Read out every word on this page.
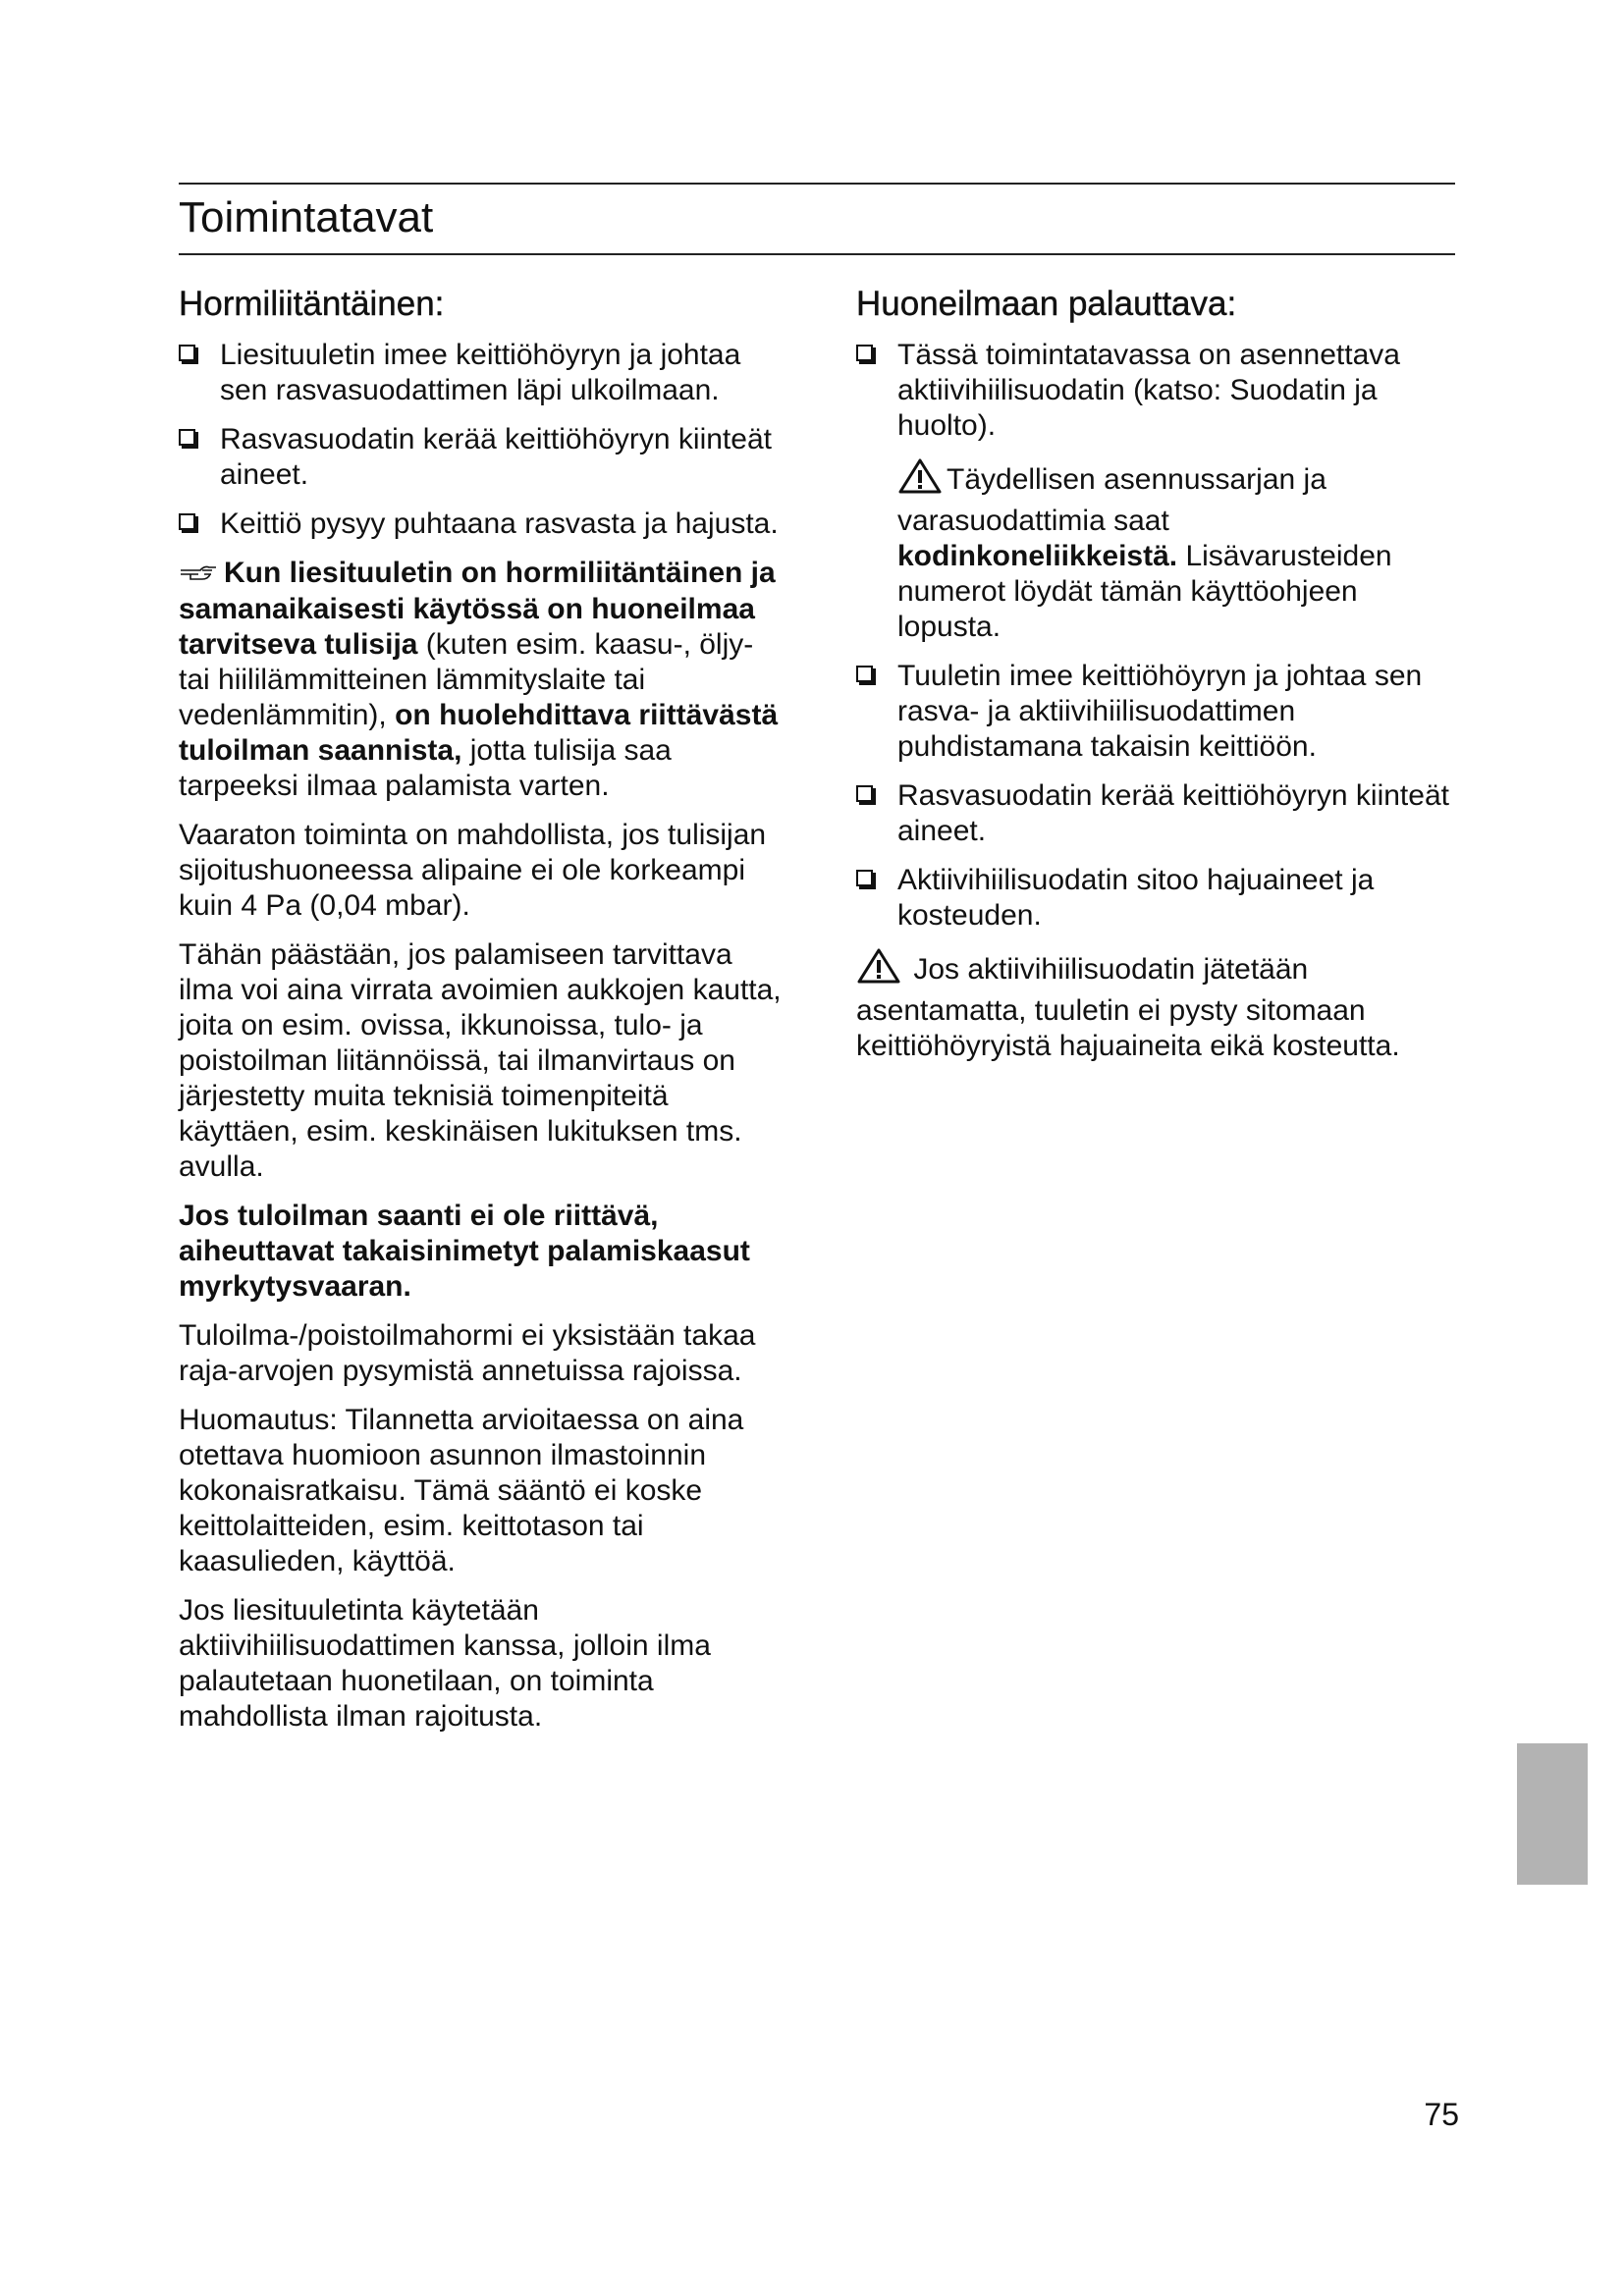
Toimintatavat
Hormiliitäntäinen:
Liesituuletin imee keittiöhöyryn ja johtaa sen rasvasuodattimen läpi ulkoilmaan.
Rasvasuodatin kerää keittiöhöyryn kiinteät aineet.
Keittiö pysyy puhtaana rasvasta ja hajusta.

Kun liesituuletin on hormiliitäntäinen ja samanaikaisesti käytössä on huoneilmaa tarvitseva tulisija (kuten esim. kaasu-, öljy- tai hiililämmitteinen lämmityslaite tai vedenlämmitin), on huolehdittava riittävästä tuloilman saannista, jotta tulisija saa tarpeeksi ilmaa palamista varten.

Vaaraton toiminta on mahdollista, jos tulisijan sijoitushuoneessa alipaine ei ole korkeampi kuin 4 Pa (0,04 mbar).

Tähän päästään, jos palamiseen tarvittava ilma voi aina virrata avoimien aukkojen kautta, joita on esim. ovissa, ikkunoissa, tulo- ja poistoilman liitännöissä, tai ilmanvirtaus on järjestetty muita teknisiä toimenpiteitä käyttäen, esim. keskinäisen lukituksen tms. avulla.

Jos tuloilman saanti ei ole riittävä, aiheuttavat takaisinimetyt palamiskaasut myrkytysvaaran.

Tuloilma-/poistoilmahormi ei yksistään takaa raja-arvojen pysymistä annetuissa rajoissa.

Huomautus: Tilannetta arvioitaessa on aina otettava huomioon asunnon ilmastoinnin kokonaisratkaisu. Tämä sääntö ei koske keittolaitteiden, esim. keittotason tai kaasulieden, käyttöä.

Jos liesituuletinta käytetään aktiivihiilisuodattimen kanssa, jolloin ilma palautetaan huonetilaan, on toiminta mahdollista ilman rajoitusta.

Huoneilmaan palauttava:
Tässä toimintatavassa on asennettava aktiivihiilisuodatin (katso: Suodatin ja huolto).

Täydellisen asennussarjan ja varasuodattimia saat kodinkoneliikkeistä. Lisävarusteiden numerot löydät tämän käyttöohjeen lopusta.

Tuuletin imee keittiöhöyryn ja johtaa sen rasva- ja aktiivihiilisuodattimen puhdistamana takaisin keittiöön.
Rasvasuodatin kerää keittiöhöyryn kiinteät aineet.
Aktiivihiilisuodatin sitoo hajuaineet ja kosteuden.

Jos aktiivihiilisuodatin jätetään asentamatta, tuuletin ei pysty sitomaan keittiöhöyryistä hajuaineita eikä kosteutta.

75
